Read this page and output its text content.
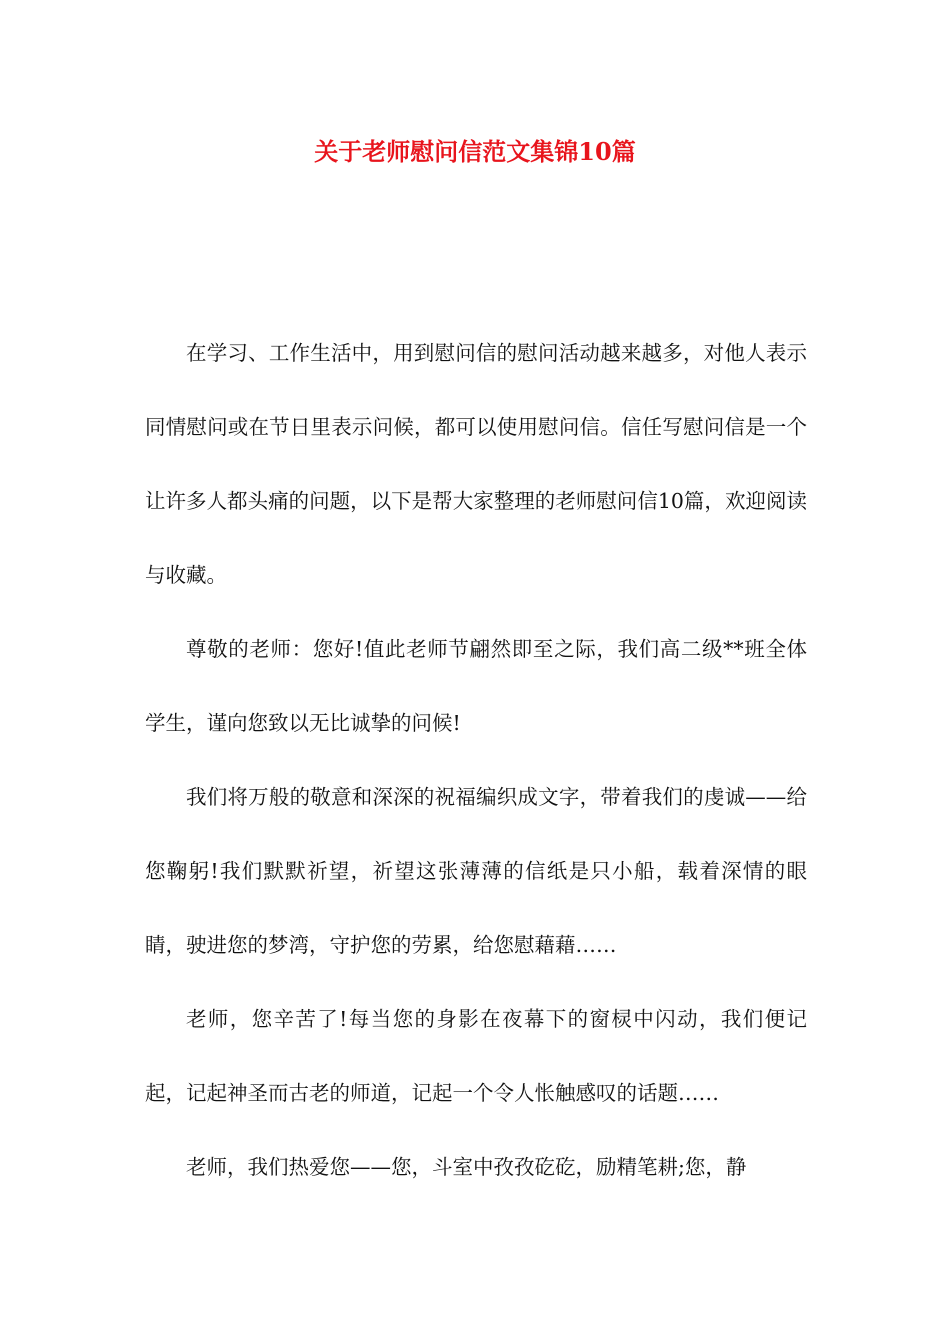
关于老师慰问信范文集锦10篇

在学习、工作生活中，用到慰问信的慰问活动越来越多，对他人表示同情慰问或在节日里表示问候，都可以使用慰问信。信任写慰问信是一个让许多人都头痛的问题，以下是帮大家整理的老师慰问信10篇，欢迎阅读与收藏。

尊敬的老师：您好!值此老师节翩然即至之际，我们高二级**班全体学生，谨向您致以无比诚挚的问候!

我们将万般的敬意和深深的祝福编织成文字，带着我们的虔诚——给您鞠躬!我们默默祈望，祈望这张薄薄的信纸是只小船，载着深情的眼睛，驶进您的梦湾，守护您的劳累，给您慰藉藉……

老师，您辛苦了!每当您的身影在夜幕下的窗棂中闪动，我们便记起，记起神圣而古老的师道，记起一个令人怅触感叹的话题……

老师，我们热爱您——您，斗室中孜孜矻矻，励精笔耕;您，静
